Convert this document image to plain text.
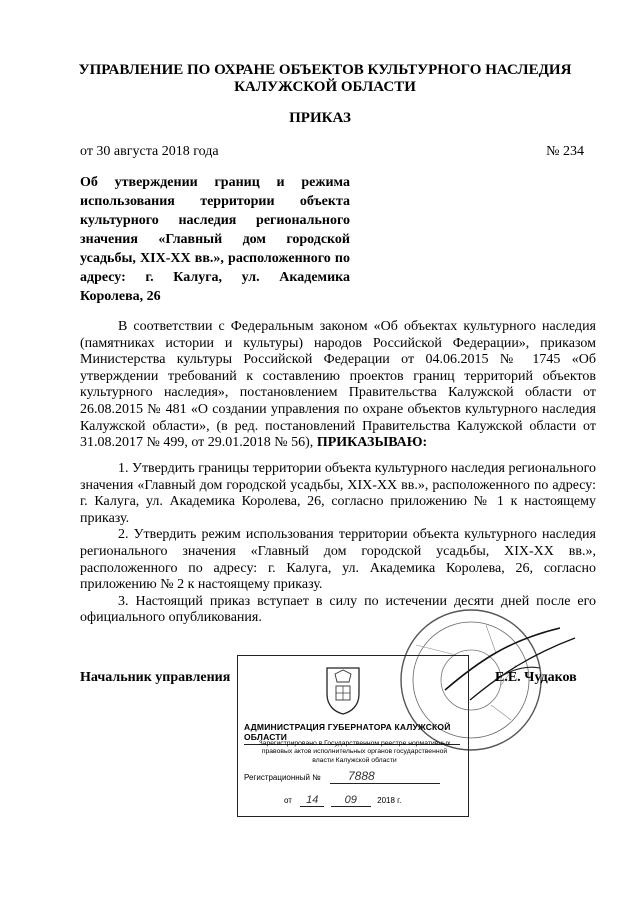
УПРАВЛЕНИЕ ПО ОХРАНЕ ОБЪЕКТОВ КУЛЬТУРНОГО НАСЛЕДИЯ
КАЛУЖСКОЙ ОБЛАСТИ
ПРИКАЗ
от 30 августа 2018 года	№ 234
Об утверждении границ и режима использования территории объекта культурного наследия регионального значения «Главный дом городской усадьбы, XIX-XX вв.», расположенного по адресу: г. Калуга, ул. Академика Королева, 26
В соответствии с Федеральным законом «Об объектах культурного наследия (памятниках истории и культуры) народов Российской Федерации», приказом Министерства культуры Российской Федерации от 04.06.2015 № 1745 «Об утверждении требований к составлению проектов границ территорий объектов культурного наследия», постановлением Правительства Калужской области от 26.08.2015 № 481 «О создании управления по охране объектов культурного наследия Калужской области», (в ред. постановлений Правительства Калужской области от 31.08.2017 № 499, от 29.01.2018 № 56), ПРИКАЗЫВАЮ:

1. Утвердить границы территории объекта культурного наследия регионального значения «Главный дом городской усадьбы, XIX-XX вв.», расположенного по адресу: г. Калуга, ул. Академика Королева, 26, согласно приложению № 1 к настоящему приказу.

2. Утвердить режим использования территории объекта культурного наследия регионального значения «Главный дом городской усадьбы, XIX-XX вв.», расположенного по адресу: г. Калуга, ул. Академика Королева, 26, согласно приложению № 2 к настоящему приказу.

3. Настоящий приказ вступает в силу по истечении десяти дней после его официального опубликования.

Начальник управления	Е.Е. Чудаков
АДМИНИСТРАЦИЯ ГУБЕРНАТОРА КАЛУЖСКОЙ ОБЛАСТИ
Зарегистрировано в Государственном реестре нормативных правовых актов исполнительных органов государственной власти Калужской области
Регистрационный № 7888
от 14 09	2018 г.
